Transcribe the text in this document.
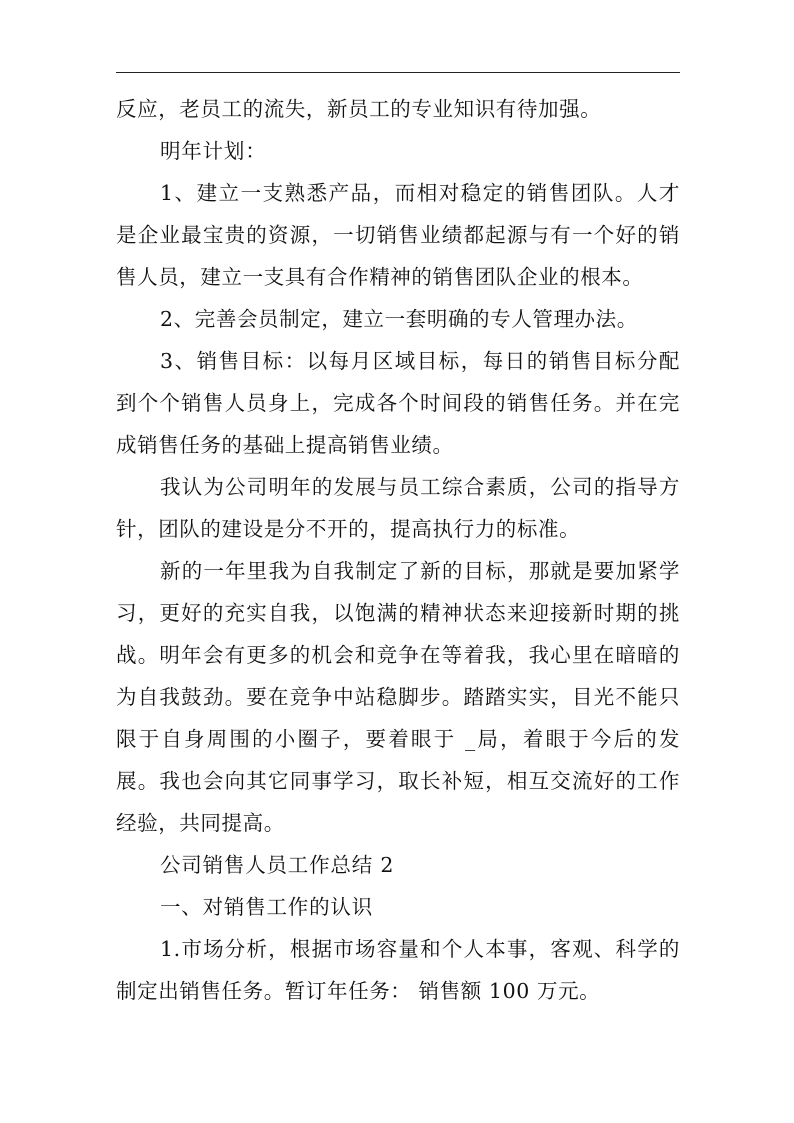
反应，老员工的流失，新员工的专业知识有待加强。

明年计划：

1、建立一支熟悉产品，而相对稳定的销售团队。人才是企业最宝贵的资源，一切销售业绩都起源与有一个好的销售人员，建立一支具有合作精神的销售团队企业的根本。

2、完善会员制定，建立一套明确的专人管理办法。

3、销售目标：以每月区域目标，每日的销售目标分配到个个销售人员身上，完成各个时间段的销售任务。并在完成销售任务的基础上提高销售业绩。

我认为公司明年的发展与员工综合素质，公司的指导方针，团队的建设是分不开的，提高执行力的标准。

新的一年里我为自我制定了新的目标，那就是要加紧学习，更好的充实自我，以饱满的精神状态来迎接新时期的挑战。明年会有更多的机会和竞争在等着我，我心里在暗暗的为自我鼓劲。要在竞争中站稳脚步。踏踏实实，目光不能只限于自身周围的小圈子，要着眼于 _局，着眼于今后的发展。我也会向其它同事学习，取长补短，相互交流好的工作经验，共同提高。

公司销售人员工作总结 2

一、对销售工作的认识

1.市场分析，根据市场容量和个人本事，客观、科学的制定出销售任务。暂订年任务： 销售额 100 万元。
